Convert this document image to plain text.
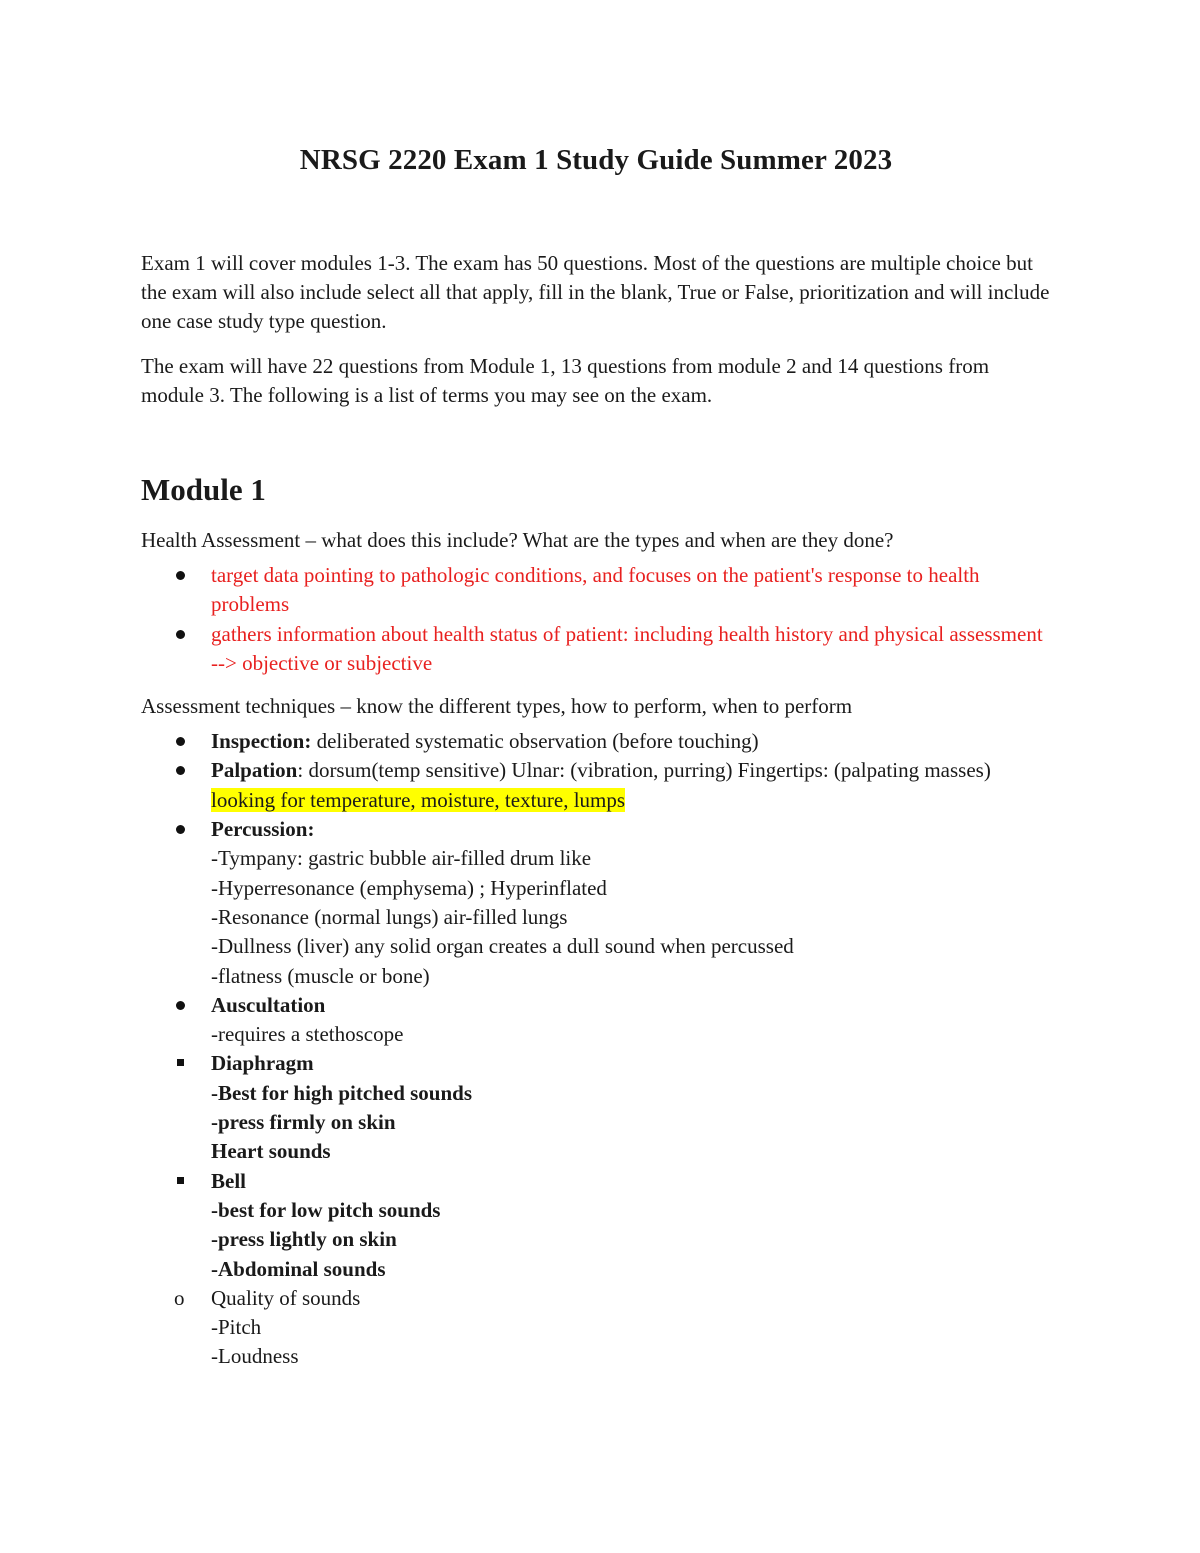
NRSG 2220 Exam 1 Study Guide Summer 2023

Exam 1 will cover modules 1-3. The exam has 50 questions. Most of the questions are multiple choice but the exam will also include select all that apply, fill in the blank, True or False, prioritization and will include one case study type question.

The exam will have 22 questions from Module 1, 13 questions from module 2 and 14 questions from module 3. The following is a list of terms you may see on the exam.

Module 1

Health Assessment – what does this include? What are the types and when are they done?

target data pointing to pathologic conditions, and focuses on the patient's response to health problems
gathers information about health status of patient: including health history and physical assessment --> objective or subjective

Assessment techniques – know the different types, how to perform, when to perform

Inspection: deliberated systematic observation (before touching)
Palpation: dorsum(temp sensitive) Ulnar: (vibration, purring) Fingertips: (palpating masses) looking for temperature, moisture, texture, lumps
Percussion:
-Tympany: gastric bubble air-filled drum like
-Hyperresonance (emphysema) ; Hyperinflated
-Resonance (normal lungs) air-filled lungs
-Dullness (liver) any solid organ creates a dull sound when percussed
-flatness (muscle or bone)
Auscultation
-requires a stethoscope
Diaphragm
-Best for high pitched sounds
-press firmly on skin
Heart sounds
Bell
-best for low pitch sounds
-press lightly on skin
-Abdominal sounds
o	Quality of sounds
-Pitch
-Loudness
